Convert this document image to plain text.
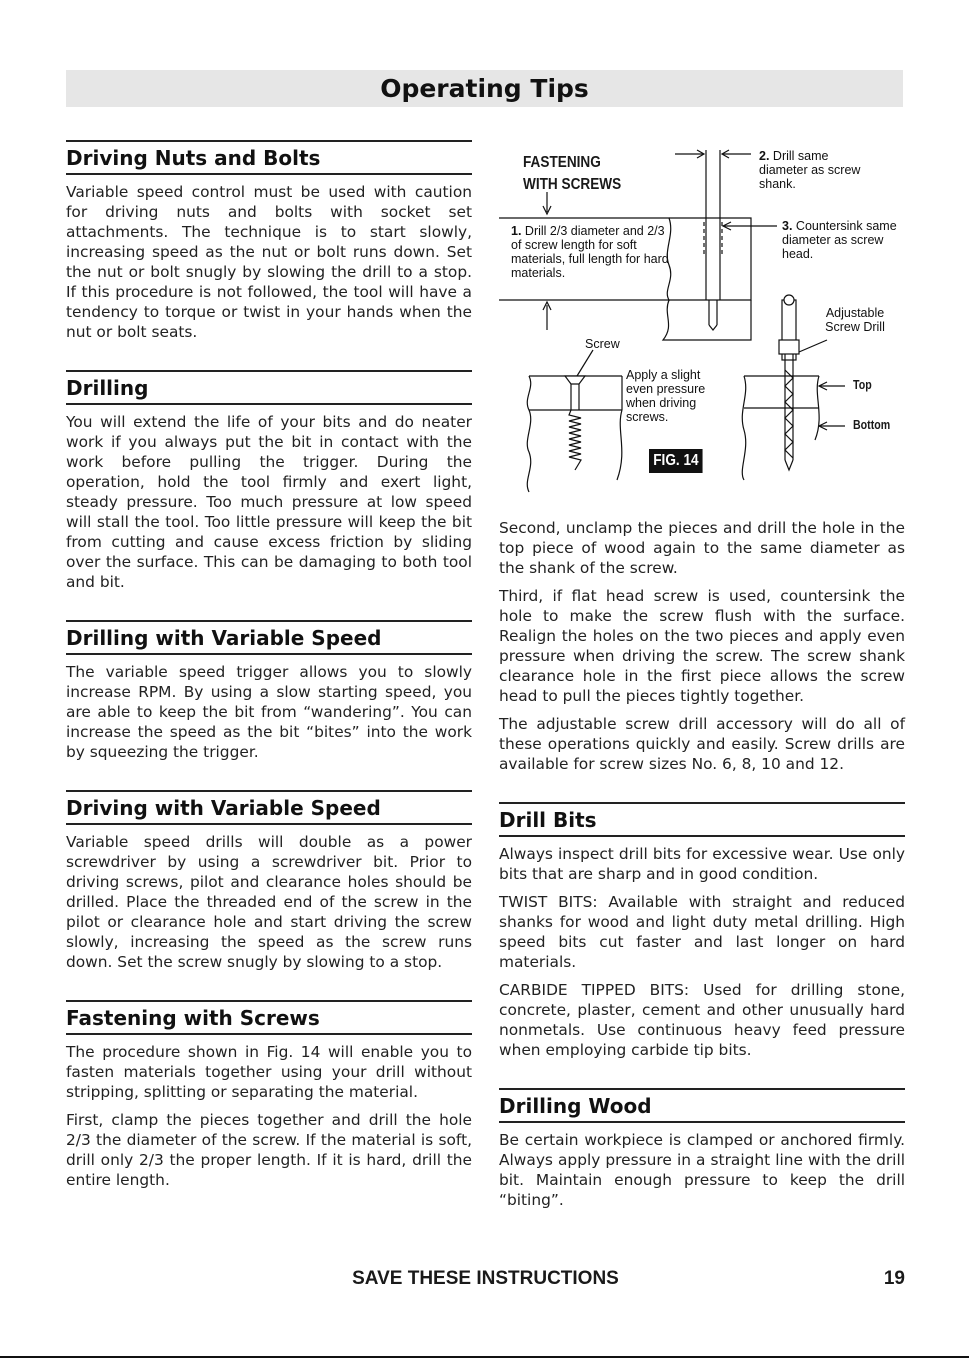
Operating Tips
Driving Nuts and Bolts

Variable speed control must be used with caution for driving nuts and bolts with socket set attachments. The technique is to start slowly, increasing speed as the nut or bolt runs down. Set the nut or bolt snugly by slowing the drill to a stop. If this procedure is not followed, the tool will have a tendency to torque or twist in your hands when the nut or bolt seats.

Drilling

You will extend the life of your bits and do neater work if you always put the bit in contact with the work before pulling the trigger. During the operation, hold the tool firmly and exert light, steady pressure. Too much pressure at low speed will stall the tool. Too little pressure will keep the bit from cutting and cause excess friction by sliding over the surface. This can be damaging to both tool and bit.

Drilling with Variable Speed

The variable speed trigger allows you to slowly increase RPM. By using a slow starting speed, you are able to keep the bit from “wandering”. You can increase the speed as the bit “bites” into the work by squeezing the trigger.

Driving with Variable Speed

Variable speed drills will double as a power screwdriver by using a screwdriver bit. Prior to driving screws, pilot and clearance holes should be drilled. Place the threaded end of the screw in the pilot or clearance hole and start driving the screw slowly, increasing the speed as the screw runs down. Set the screw snugly by slowing to a stop.

Fastening with Screws

The procedure shown in Fig. 14 will enable you to fasten materials together using your drill without stripping, splitting or separating the material.

First, clamp the pieces together and drill the hole 2/3 the diameter of the screw. If the material is soft, drill only 2/3 the proper length. If it is hard, drill the entire length.

FASTENING
WITH SCREWS
1. Drill 2/3 diameter and 2/3 of screw length for soft materials, full length for hard materials.
2. Drill same diameter as screw shank.
3. Countersink same diameter as screw head.
Adjustable Screw Drill
Screw
Apply a slight even pressure when driving screws.
Top
Bottom
FIG. 14

Second, unclamp the pieces and drill the hole in the top piece of wood again to the same diameter as the shank of the screw.

Third, if flat head screw is used, countersink the hole to make the screw flush with the surface. Realign the holes on the two pieces and apply even pressure when driving the screw. The screw shank clearance hole in the first piece allows the screw head to pull the pieces tightly together.

The adjustable screw drill accessory will do all of these operations quickly and easily. Screw drills are available for screw sizes No. 6, 8, 10 and 12.

Drill Bits

Always inspect drill bits for excessive wear. Use only bits that are sharp and in good condition.

TWIST BITS: Available with straight and reduced shanks for wood and light duty metal drilling. High speed bits cut faster and last longer on hard materials.

CARBIDE TIPPED BITS: Used for drilling stone, concrete, plaster, cement and other unusually hard nonmetals. Use continuous heavy feed pressure when employing carbide tip bits.

Drilling Wood

Be certain workpiece is clamped or anchored firmly. Always apply pressure in a straight line with the drill bit. Maintain enough pressure to keep the drill “biting”.

SAVE THESE INSTRUCTIONS	19
